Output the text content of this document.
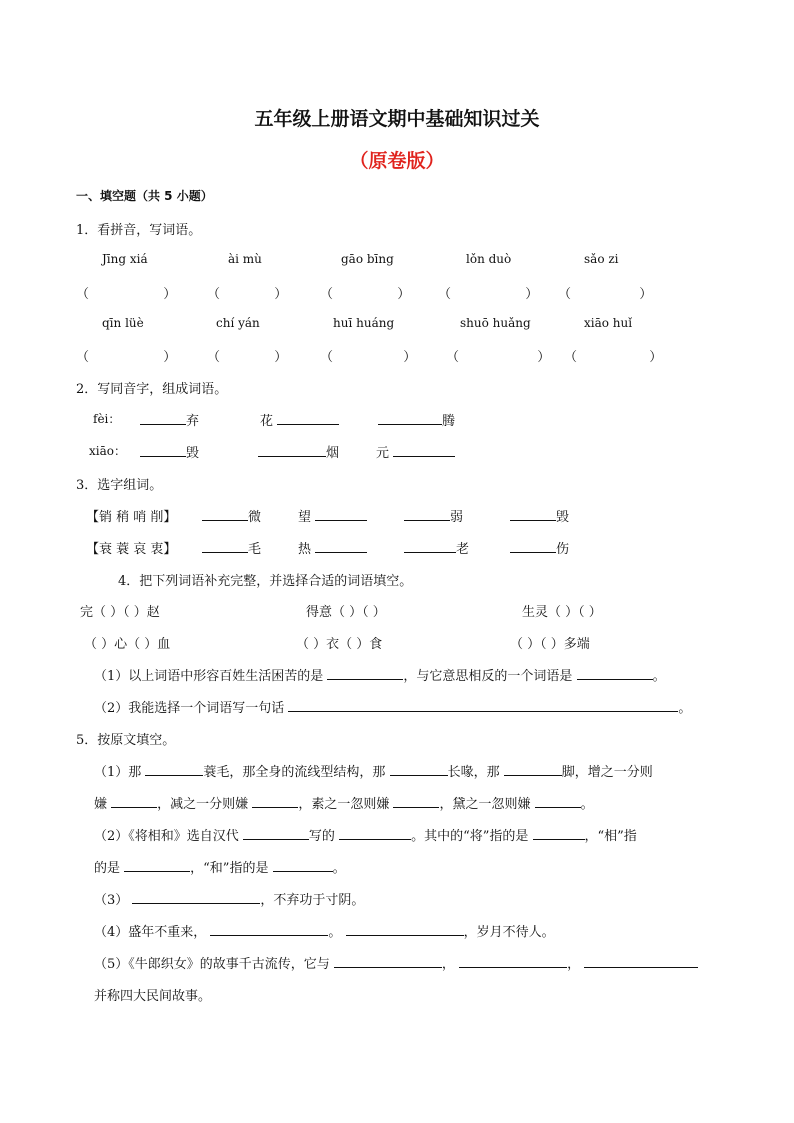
五年级上册语文期中基础知识过关
（原卷版）
一、填空题（共 5 小题）
1．看拼音，写词语。
Jīng xiá	ài mù	gāo bīng	lǒn duò	sǎo zi
（	） （	）	（	） （	） （	）
qīn lüè	chí yán	huī huáng	shuō huǎng	xiāo huǐ
（	） （	）	（	） （	） （	）
2．写同音字，组成词语。
fèi：	弃	花	腾
xiāo：	毁	烟	元
3．选字组词。
【销 稍 哨 削】	微	望	弱	毁
【衰 蓑 哀 衷】	毛	热	老	伤
4．把下列词语补充完整，并选择合适的词语填空。
完（ ）（ ）赵	得意（ ）（ ）	生灵（ ）（ ）
（ ）心（ ）血	（ ）衣（ ）食	（ ）（ ）多端
（1）以上词语中形容百姓生活困苦的是	，与它意思相反的一个词语是	。
（2）我能选择一个词语写一句话	。
5．按原文填空。
（1）那	蓑毛，那全身的流线型结构，那	长喙，那	脚，增之一分则
嫌	，减之一分则嫌	，素之一忽则嫌	，黛之一忽则嫌	。
（2）《将相和》选自汉代	写的	。其中的“将”指的是	，“相”指
的是	，“和”指的是	。
（3）	，不弃功于寸阴。
（4）盛年不重来，	。	，岁月不待人。
（5）《牛郎织女》的故事千古流传，它与	，	，
并称四大民间故事。
